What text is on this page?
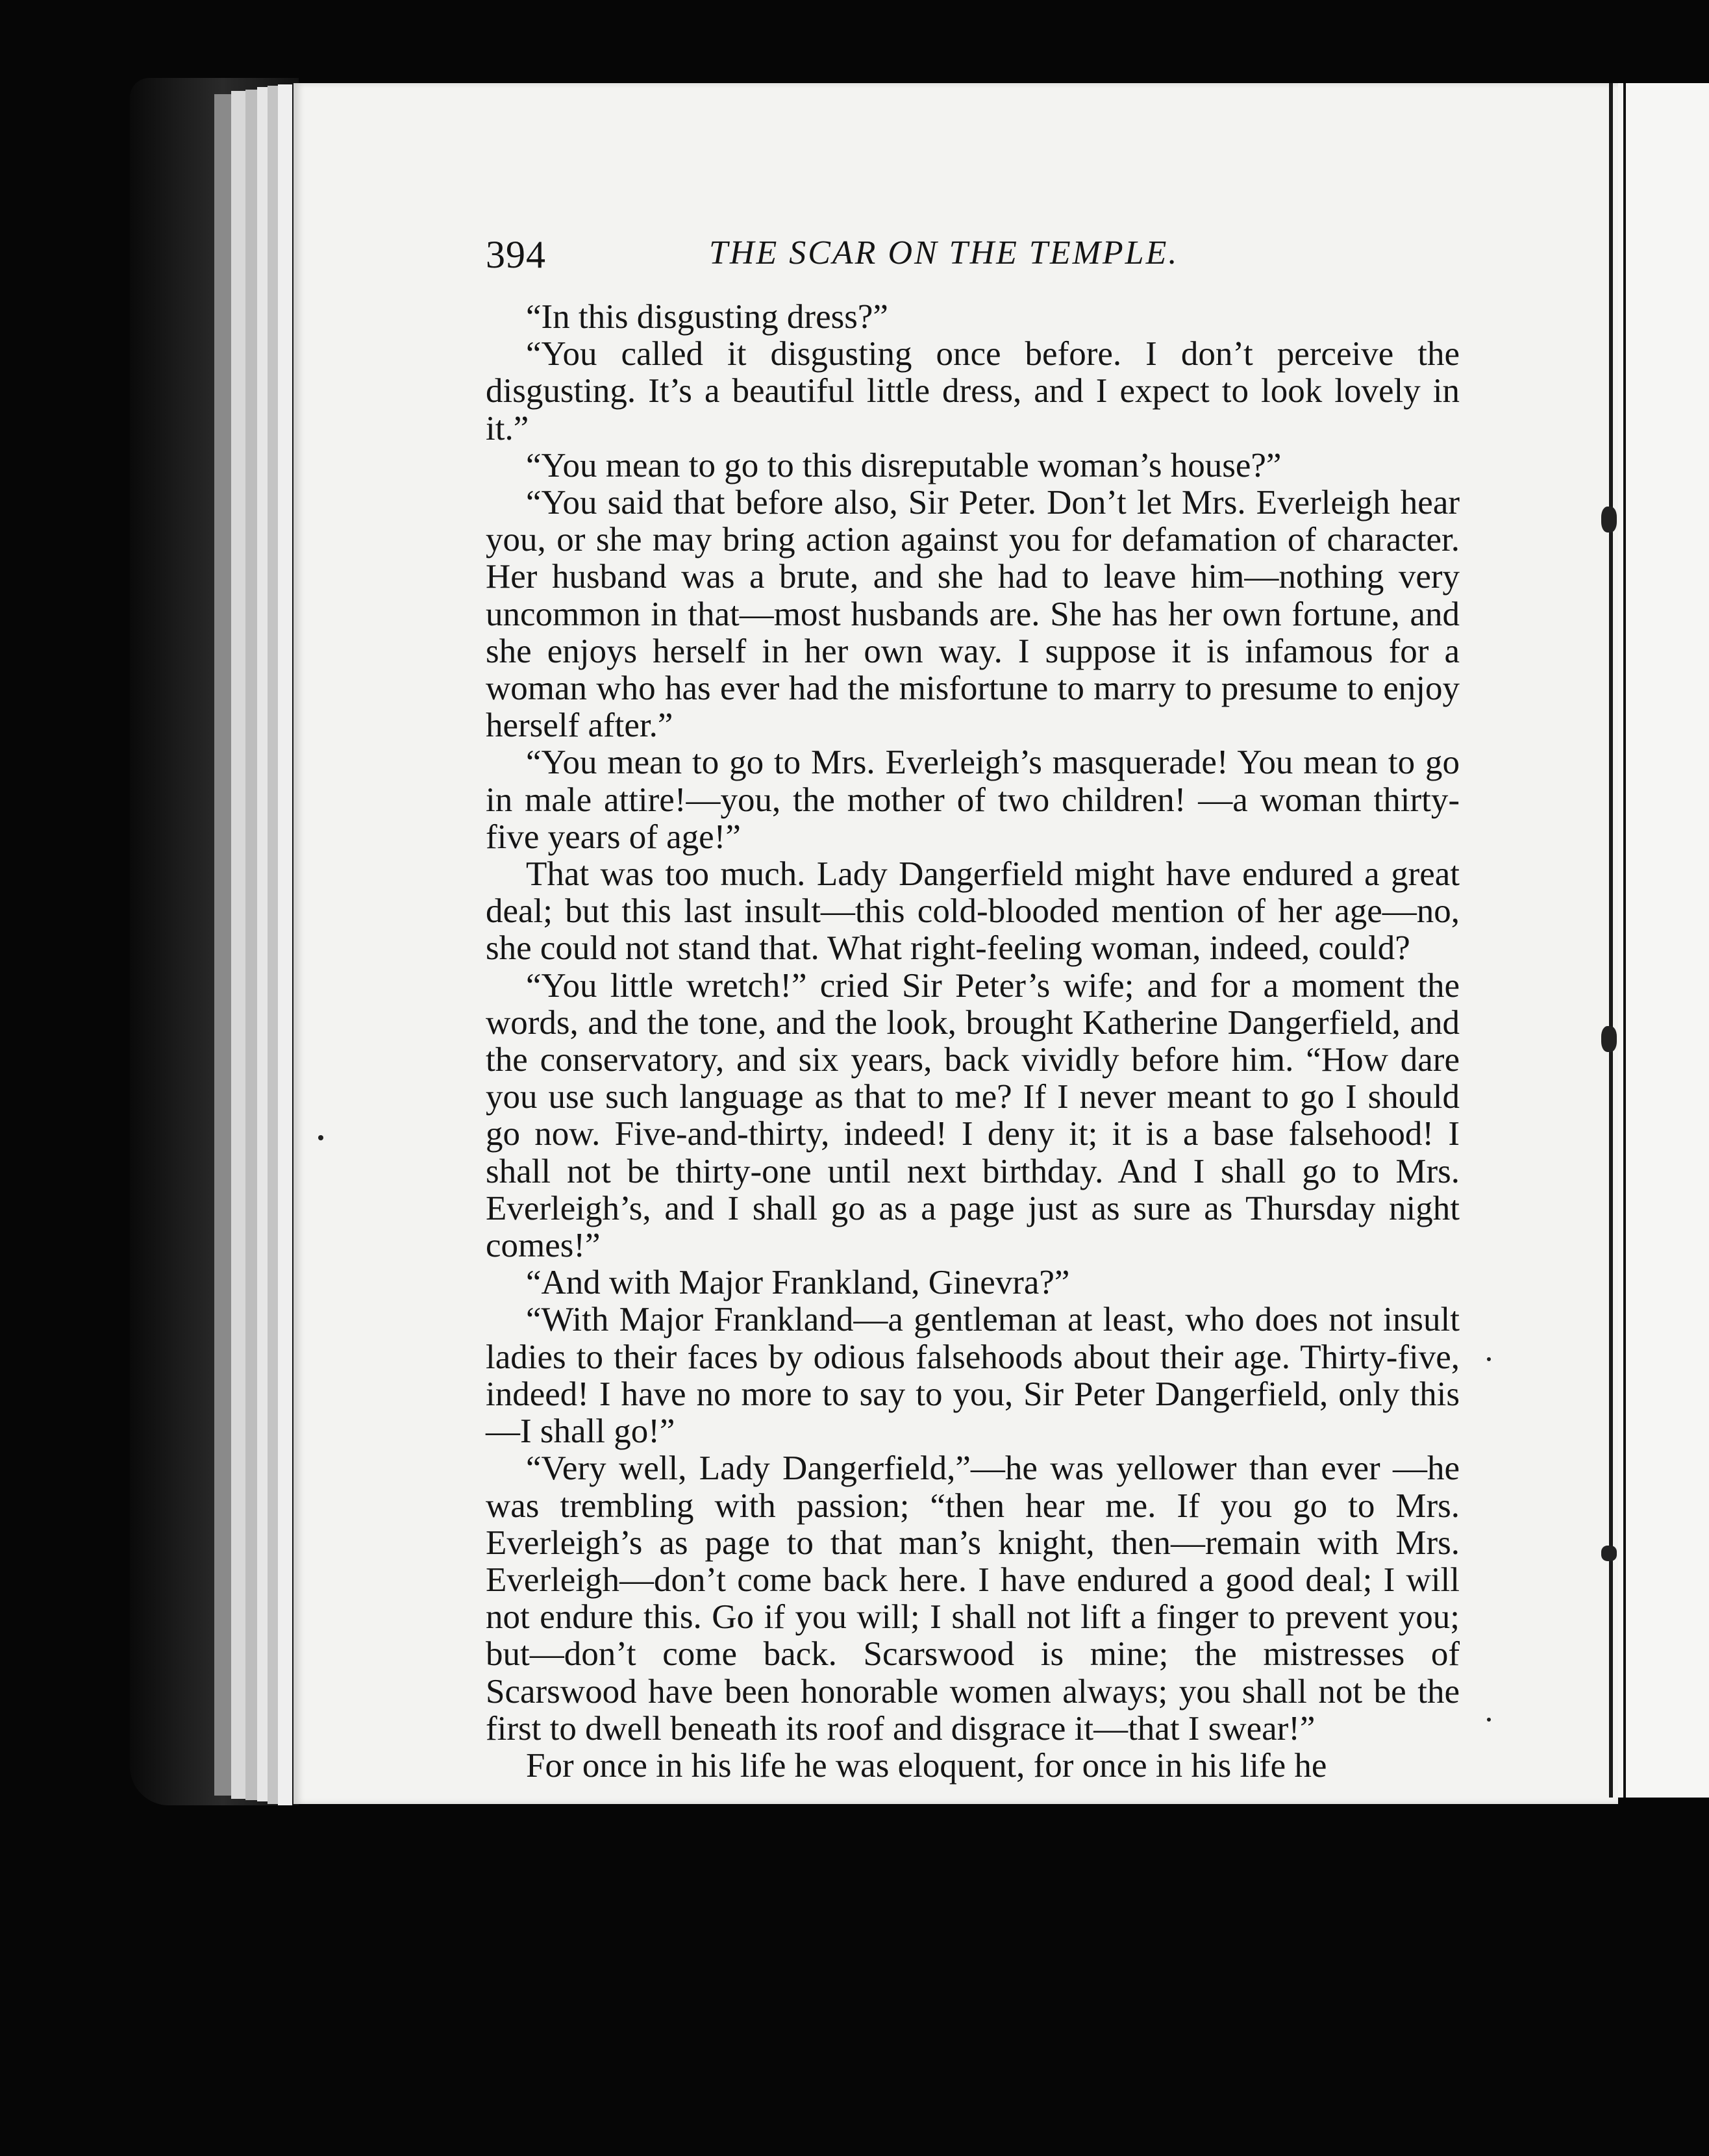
394	THE SCAR ON THE TEMPLE.

“In this disgusting dress?”

“You called it disgusting once before. I don’t perceive the disgusting. It’s a beautiful little dress, and I expect to look lovely in it.”

“You mean to go to this disreputable woman’s house?”

“You said that before also, Sir Peter. Don’t let Mrs. Everleigh hear you, or she may bring action against you for defamation of character. Her husband was a brute, and she had to leave him—nothing very uncommon in that—most husbands are. She has her own fortune, and she enjoys herself in her own way. I suppose it is infamous for a woman who has ever had the misfortune to marry to presume to enjoy herself after.”

“You mean to go to Mrs. Everleigh’s masquerade! You mean to go in male attire!—you, the mother of two children! —a woman thirty-five years of age!”

That was too much. Lady Dangerfield might have endured a great deal; but this last insult—this cold-blooded mention of her age—no, she could not stand that. What right-feeling woman, indeed, could?

“You little wretch!” cried Sir Peter’s wife; and for a moment the words, and the tone, and the look, brought Katherine Dangerfield, and the conservatory, and six years, back vividly before him. “How dare you use such language as that to me? If I never meant to go I should go now. Five-and-thirty, indeed! I deny it; it is a base falsehood! I shall not be thirty-one until next birthday. And I shall go to Mrs. Everleigh’s, and I shall go as a page just as sure as Thursday night comes!”

“And with Major Frankland, Ginevra?”

“With Major Frankland—a gentleman at least, who does not insult ladies to their faces by odious falsehoods about their age. Thirty-five, indeed! I have no more to say to you, Sir Peter Dangerfield, only this—I shall go!”

“Very well, Lady Dangerfield,”—he was yellower than ever —he was trembling with passion; “then hear me. If you go to Mrs. Everleigh’s as page to that man’s knight, then—remain with Mrs. Everleigh—don’t come back here. I have endured a good deal; I will not endure this. Go if you will; I shall not lift a finger to prevent you; but—don’t come back. Scarswood is mine; the mistresses of Scarswood have been honorable women always; you shall not be the first to dwell beneath its roof and disgrace it—that I swear!”

For once in his life he was eloquent, for once in his life he
